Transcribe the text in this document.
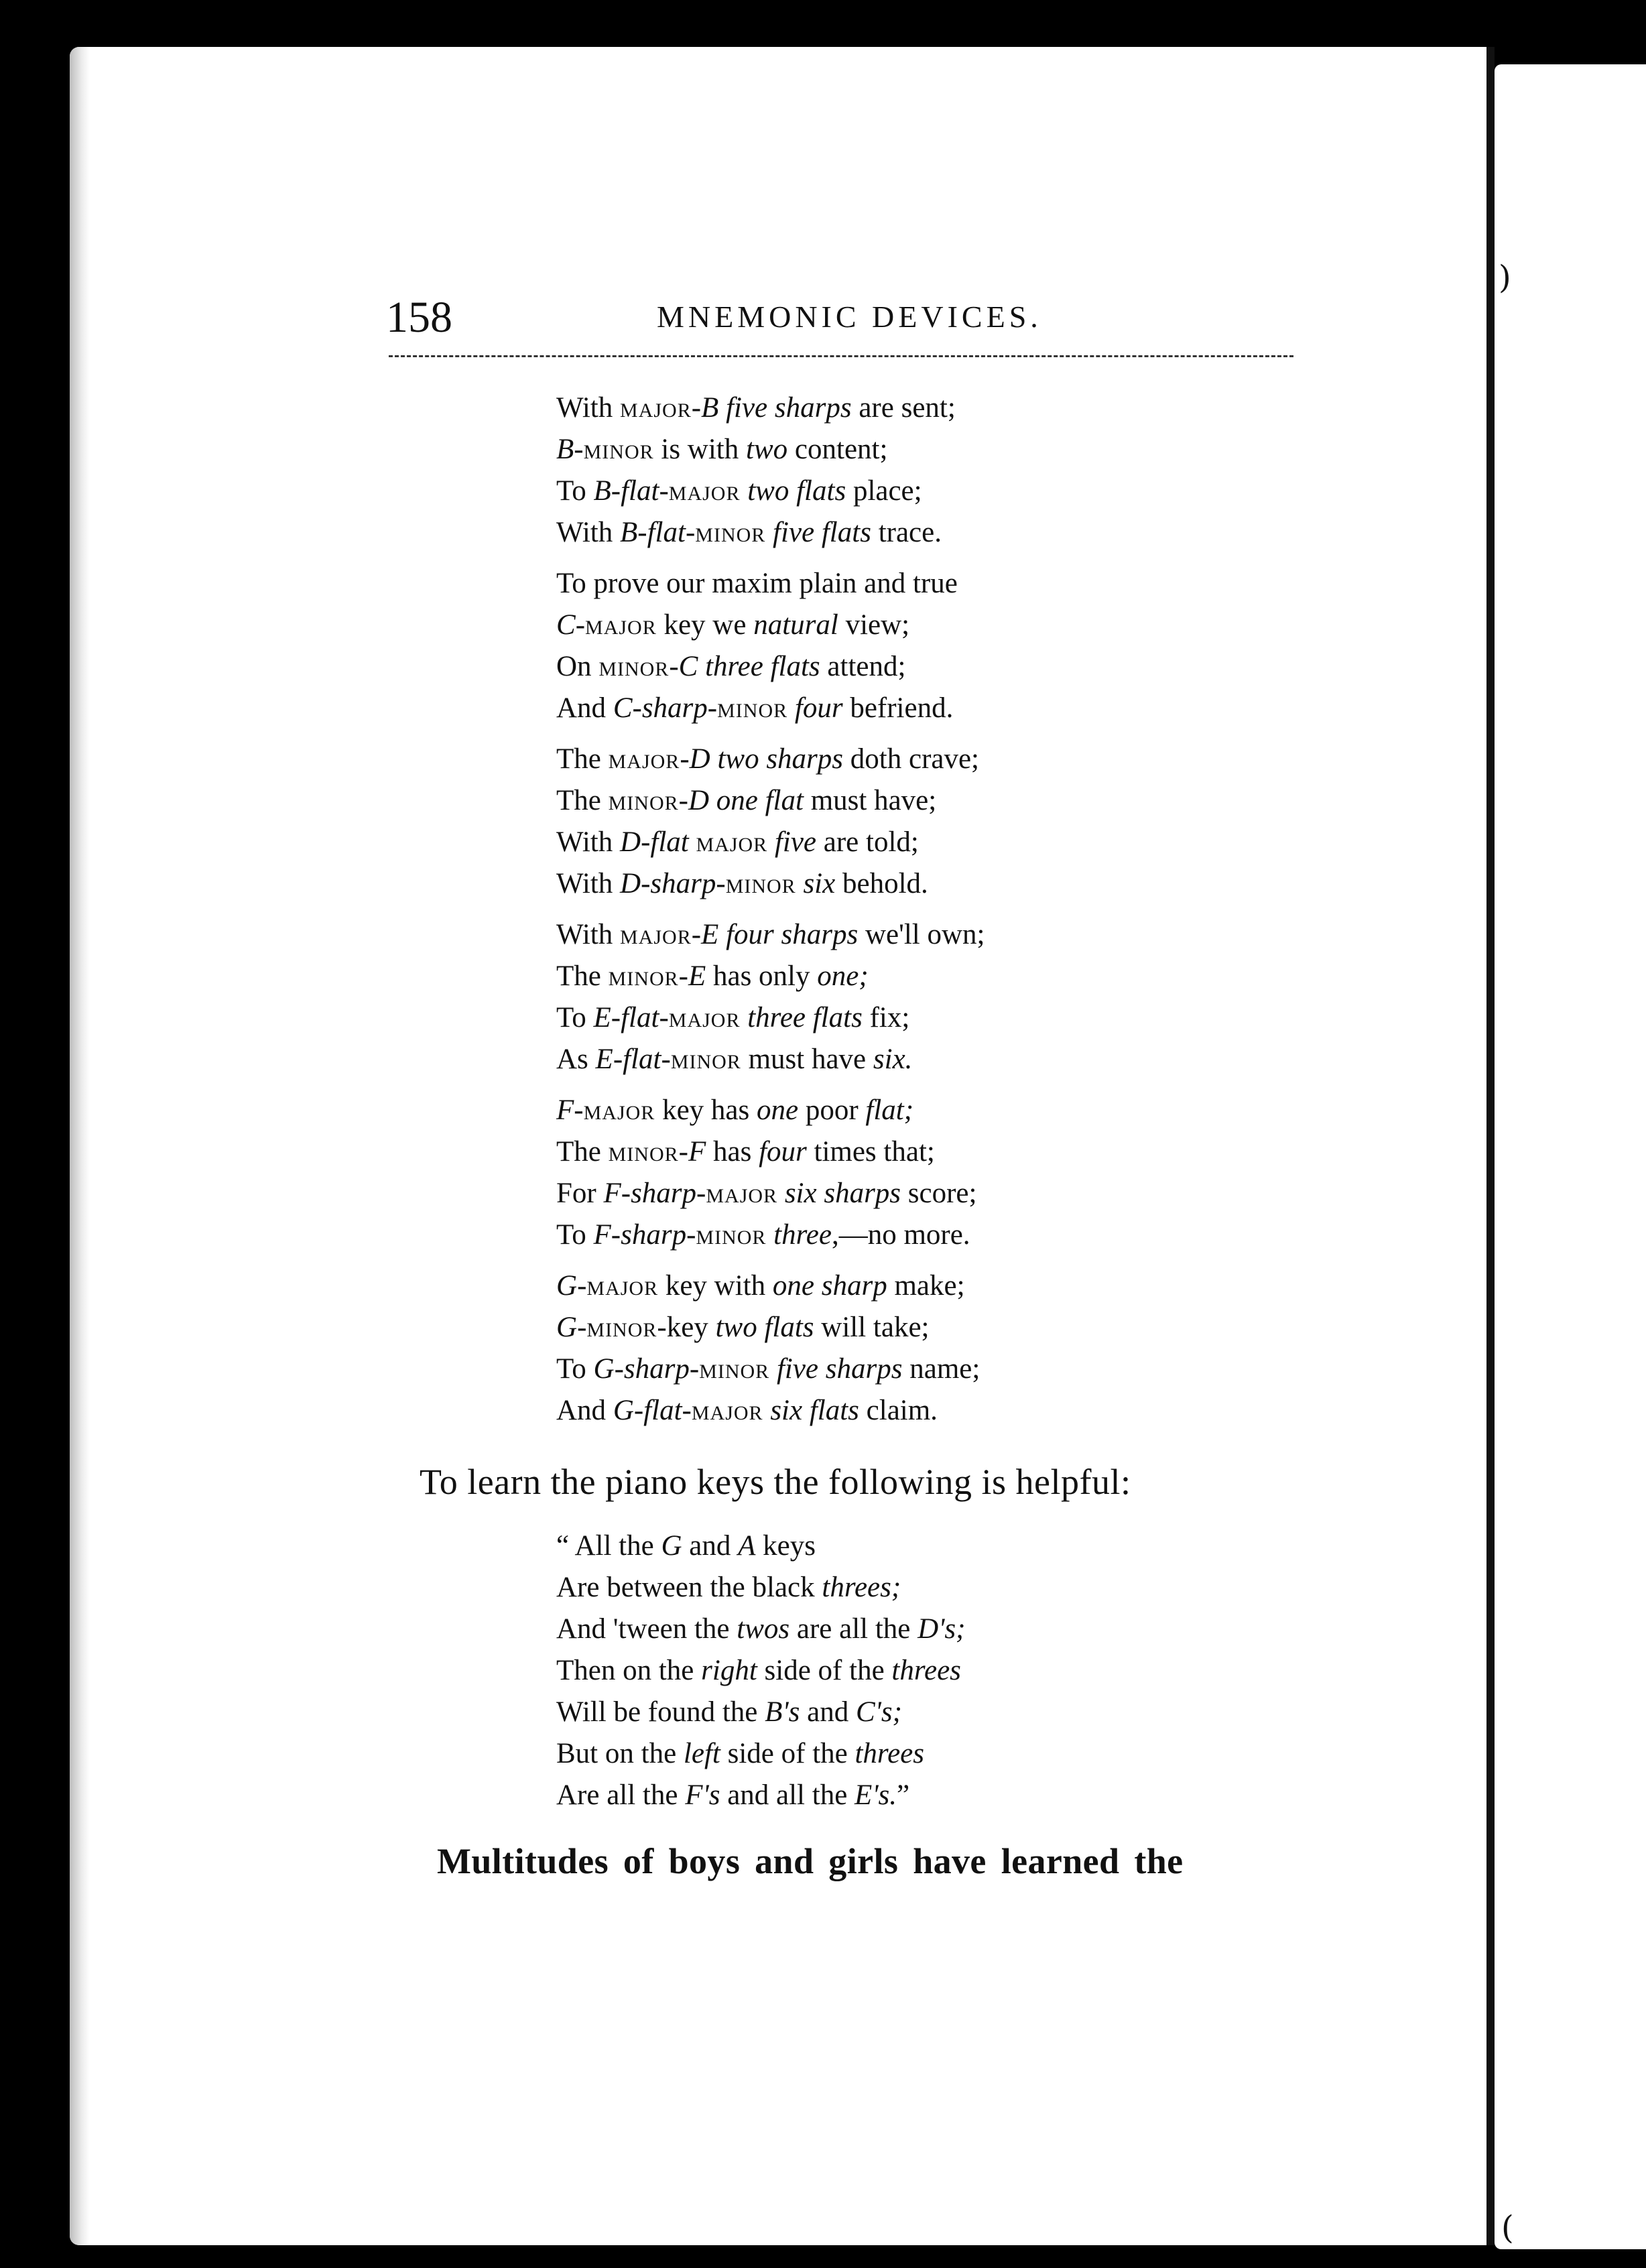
)
(
158	MNEMONIC DEVICES.
With major-B five sharps are sent;
B-minor is with two content;
To B-flat-major two flats place;
With B-flat-minor five flats trace.
To prove our maxim plain and true
C-major key we natural view;
On minor-C three flats attend;
And C-sharp-minor four befriend.
The major-D two sharps doth crave;
The minor-D one flat must have;
With D-flat major five are told;
With D-sharp-minor six behold.
With major-E four sharps we'll own;
The minor-E has only one;
To E-flat-major three flats fix;
As E-flat-minor must have six.
F-major key has one poor flat;
The minor-F has four times that;
For F-sharp-major six sharps score;
To F-sharp-minor three,—no more.
G-major key with one sharp make;
G-minor-key two flats will take;
To G-sharp-minor five sharps name;
And G-flat-major six flats claim.
To learn the piano keys the following is helpful:
“ All the G and A keys
Are between the black threes;
And 'tween the twos are all the D's;
Then on the right side of the threes
Will be found the B's and C's;
But on the left side of the threes
Are all the F's and all the E's.”
Multitudes of boys and girls have learned the
